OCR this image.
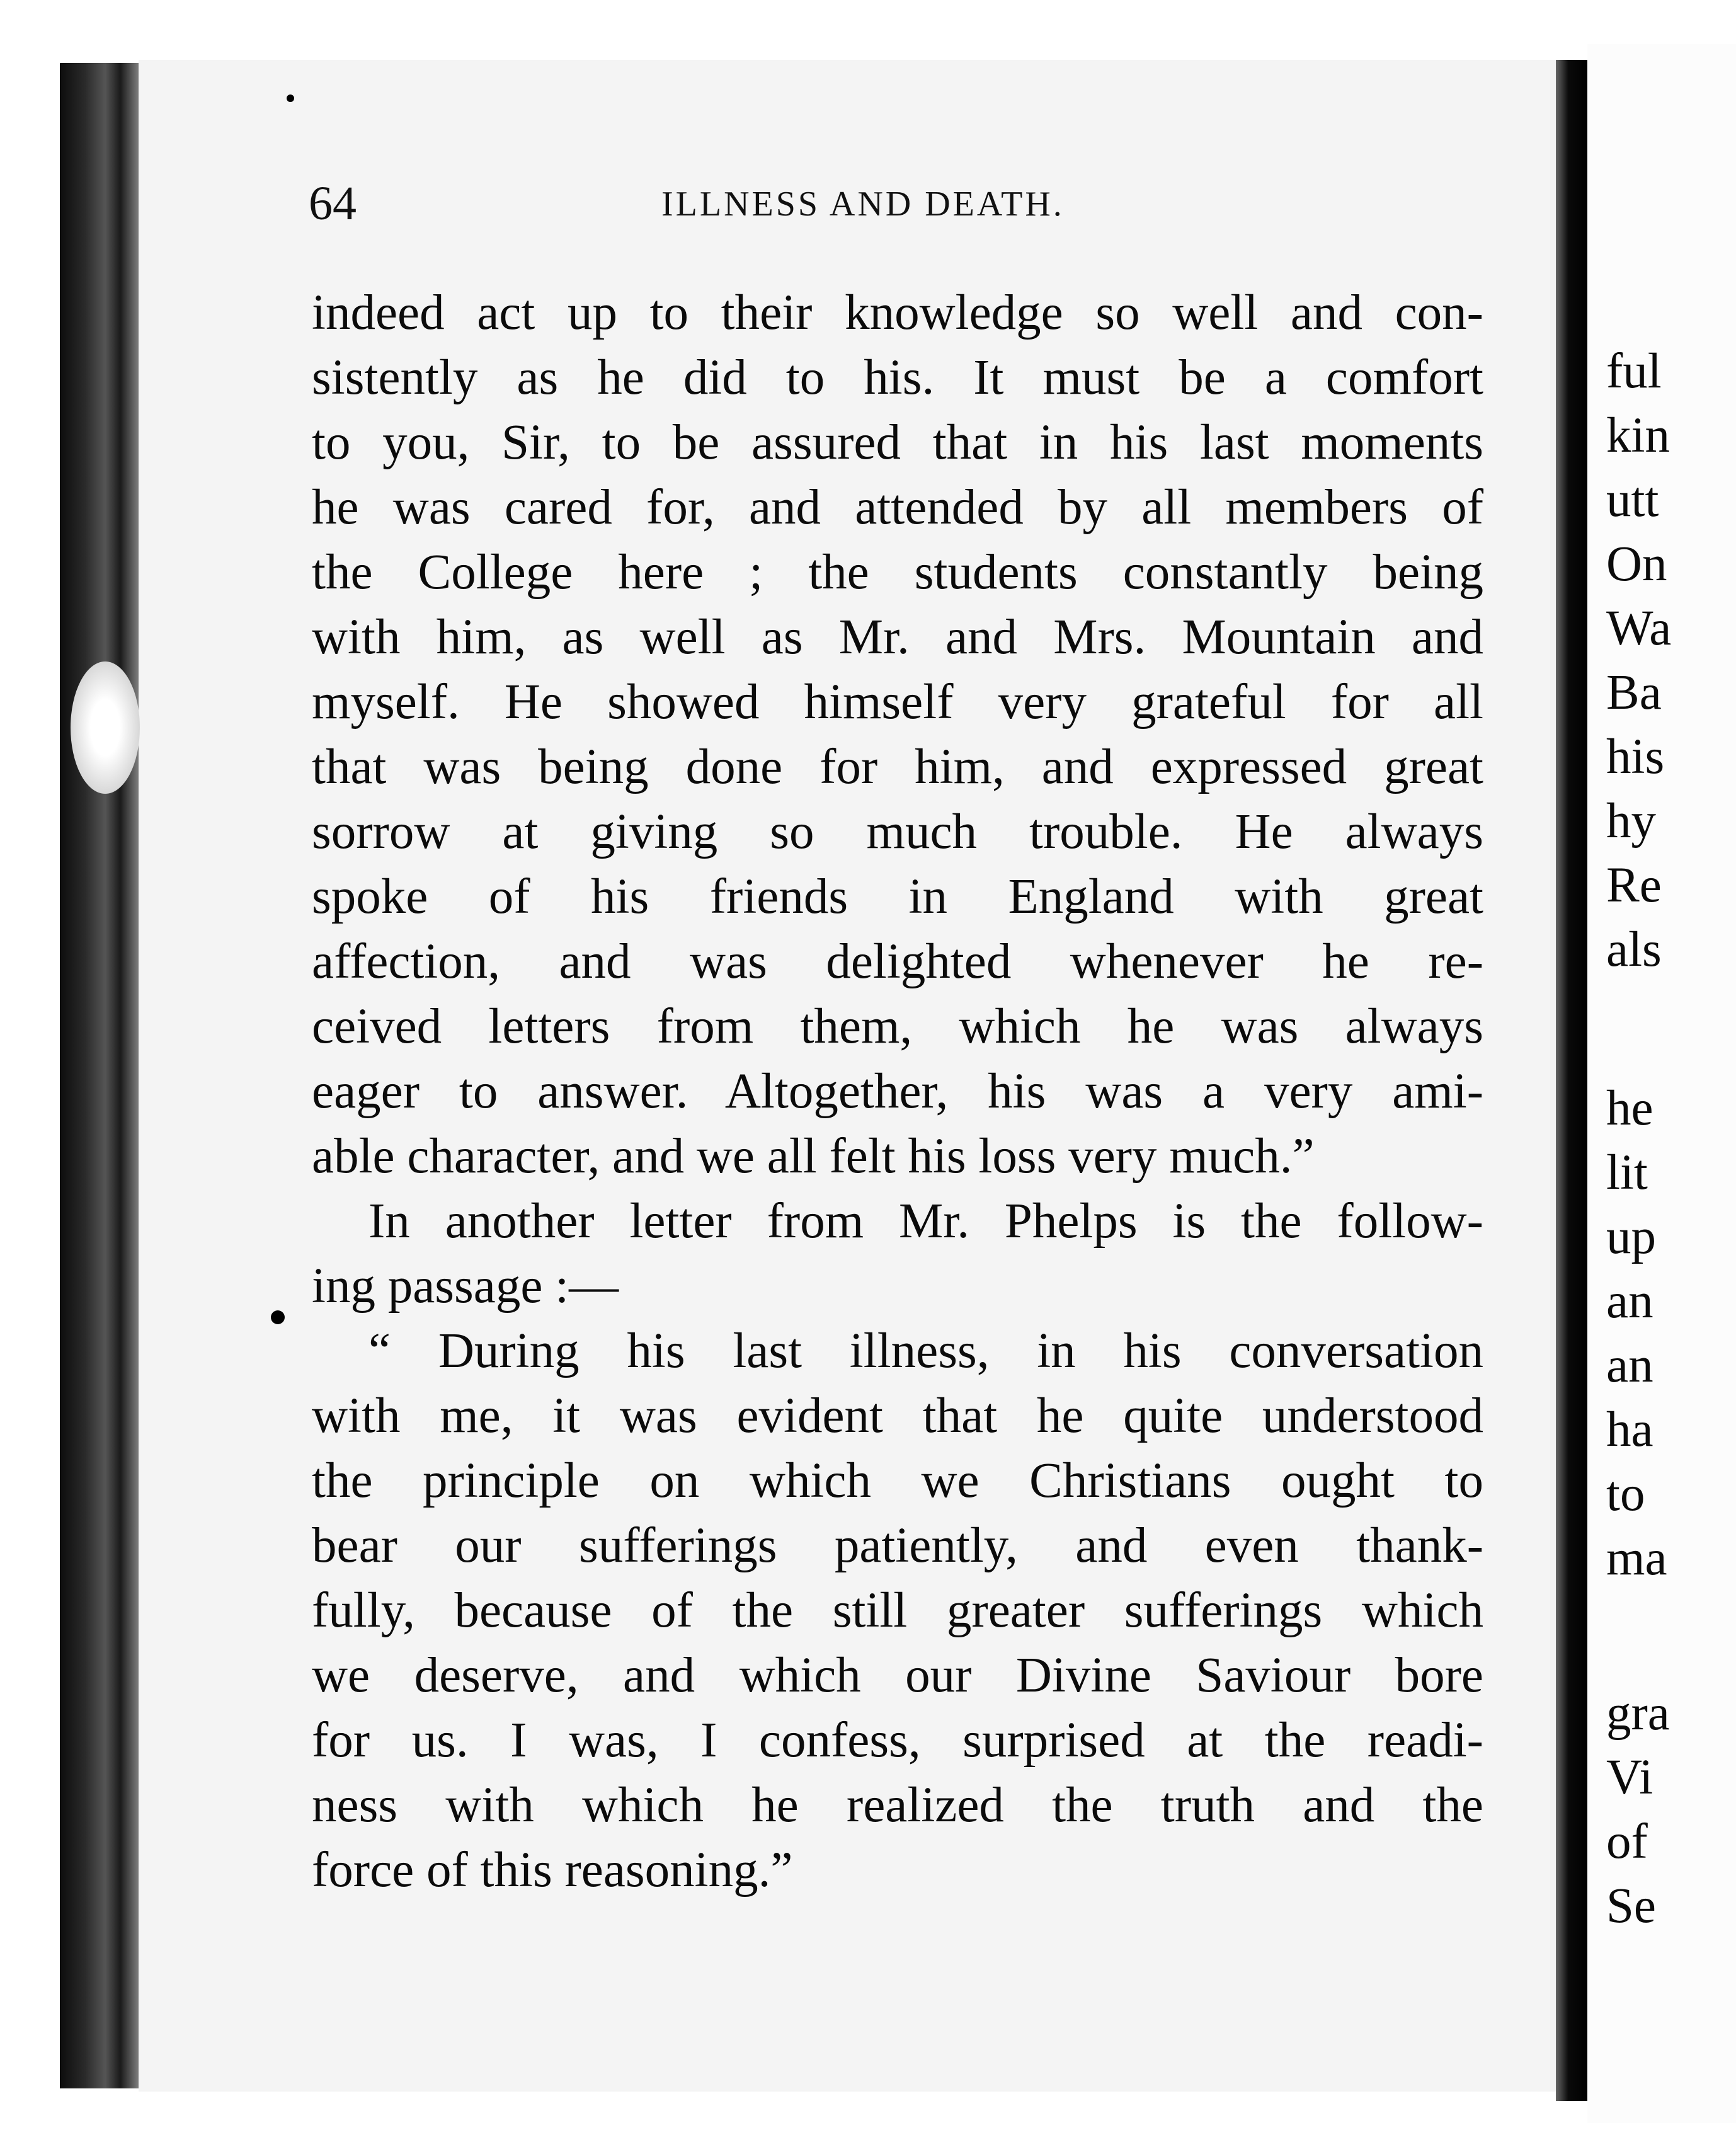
64	ILLNESS AND DEATH.
indeed act up to their knowledge so well and con-
sistently as he did to his. It must be a comfort
to you, Sir, to be assured that in his last moments
he was cared for, and attended by all members of
the College here ; the students constantly being
with him, as well as Mr. and Mrs. Mountain and
myself. He showed himself very grateful for all
that was being done for him, and expressed great
sorrow at giving so much trouble. He always
spoke of his friends in England with great
affection, and was delighted whenever he re-
ceived letters from them, which he was always
eager to answer. Altogether, his was a very ami-
able character, and we all felt his loss very much.”
In another letter from Mr. Phelps is the follow-
ing passage :—
“ During his last illness, in his conversation
with me, it was evident that he quite understood
the principle on which we Christians ought to
bear our sufferings patiently, and even thank-
fully, because of the still greater sufferings which
we deserve, and which our Divine Saviour bore
for us. I was, I confess, surprised at the readi-
ness with which he realized the truth and the
force of this reasoning.”
ful
kin
utt
On
Wa
Ba
his
hy
Re
als
he
lit
up
an
an
ha
to
ma
gra
Vi
of
Se
